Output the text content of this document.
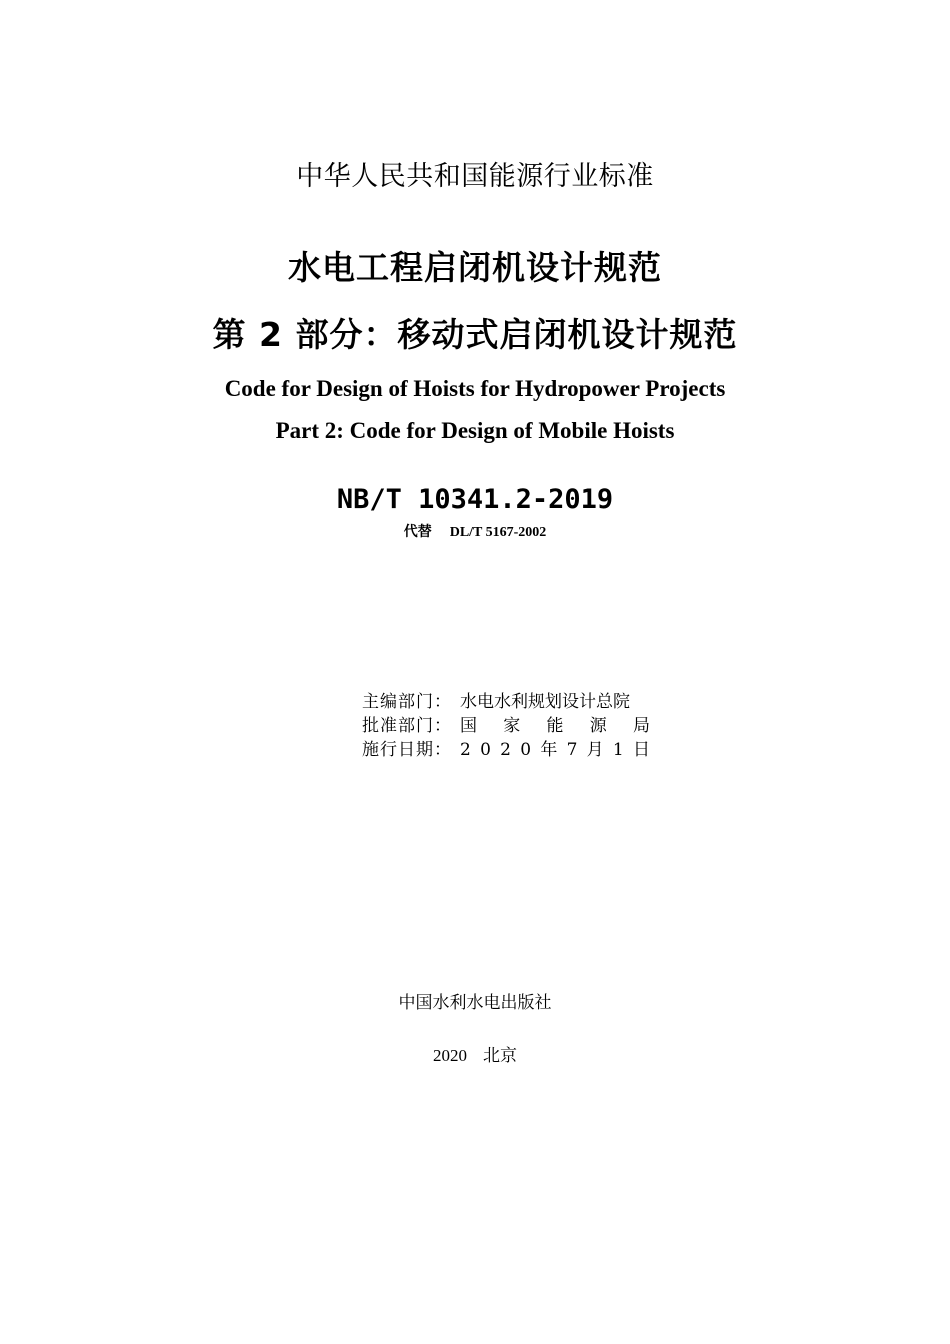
中华人民共和国能源行业标准
水电工程启闭机设计规范
第 2 部分：移动式启闭机设计规范
Code for Design of Hoists for Hydropower Projects
Part 2: Code for Design of Mobile Hoists
NB/T 10341.2-2019
代替 DL/T 5167-2002
主编部门： 水电水利规划设计总院
批准部门： 国 家 能 源 局
施行日期： 2 0 2 0 年 7 月 1 日
中国水利水电出版社
2020 北京
